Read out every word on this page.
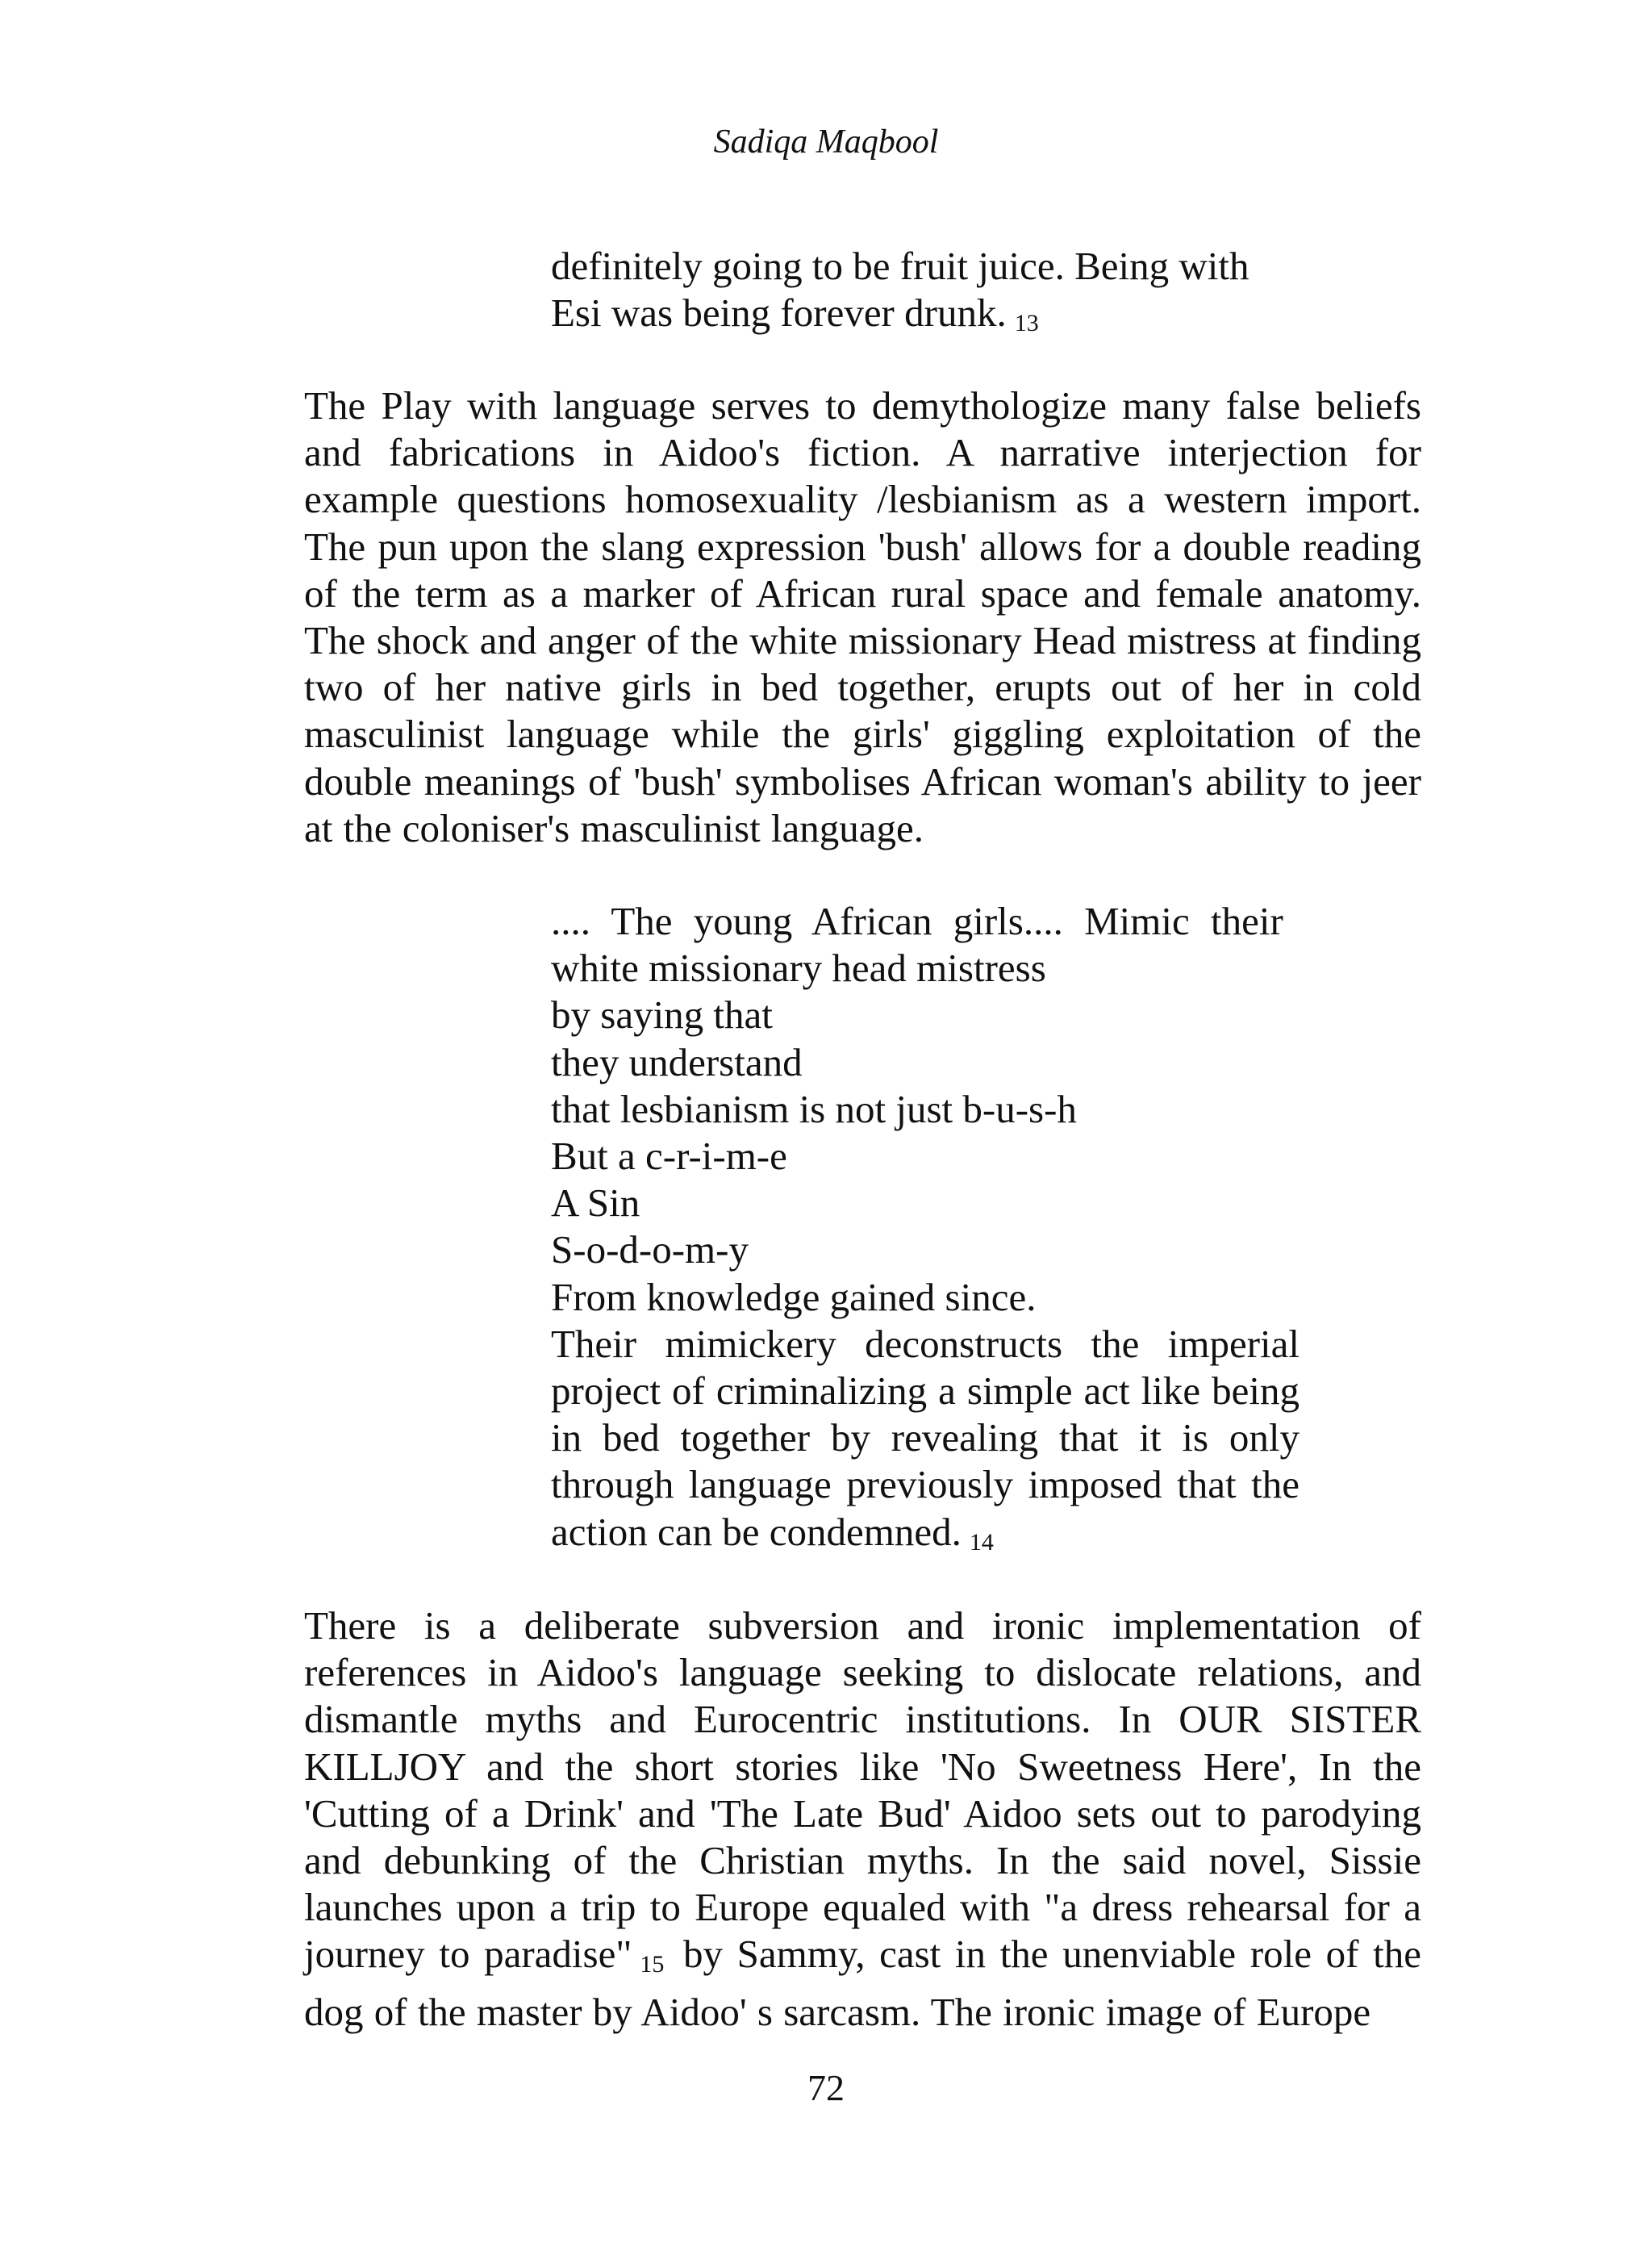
Sadiqa Maqbool
definitely going to be fruit juice. Being with
Esi was being forever drunk. 13

The Play with language serves to demythologize many false beliefs and fabrications in Aidoo's fiction. A narrative interjection for example questions homosexuality /lesbianism as a western import. The pun upon the slang expression 'bush' allows for a double reading of the term as a marker of African rural space and female anatomy. The shock and anger of the white missionary Head mistress at finding two of her native girls in bed together, erupts out of her in cold masculinist language while the girls' giggling exploitation of the double meanings of 'bush' symbolises African woman's ability to jeer at the coloniser's masculinist language.

.... The young African girls.... Mimic their
white missionary head mistress
by saying that
they understand
that lesbianism is not just b-u-s-h
But a c-r-i-m-e
A Sin
S-o-d-o-m-y
From knowledge gained since.
Their mimickery deconstructs the imperial project of criminalizing a simple act like being in bed together by revealing that it is only through language previously imposed that the action can be condemned. 14

There is a deliberate subversion and ironic implementation of references in Aidoo's language seeking to dislocate relations, and dismantle myths and Eurocentric institutions. In OUR SISTER KILLJOY and the short stories like 'No Sweetness Here', In the 'Cutting of a Drink' and 'The Late Bud' Aidoo sets out to parodying and debunking of the Christian myths. In the said novel, Sissie launches upon a trip to Europe equaled with "a dress rehearsal for a journey to paradise" 15 by Sammy, cast in the unenviable role of the dog of the master by Aidoo' s sarcasm. The ironic image of Europe

72
